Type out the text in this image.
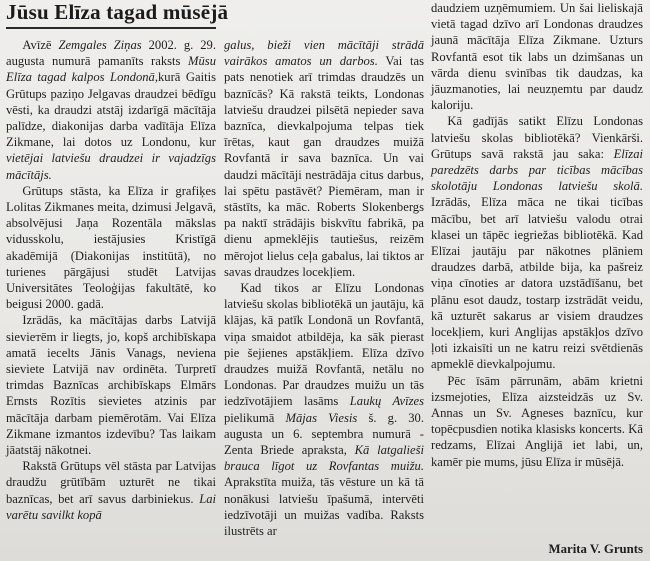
Jūsu Elīza tagad mūsējā

Avīzē Zemgales Ziņas 2002. g. 29. augusta numurā pamanīts raksts Mūsu Elīza tagad kalpos Londonā,kurā Gaitis Grūtups paziņo Jelgavas draudzei bēdīgu vēsti, ka draudzi atstāj izdarīgā mācītāja palīdze, diakonijas darba vadītāja Elīza Zikmane, lai dotos uz Londonu, kur vietējai latviešu draudzei ir vajadzīgs mācītājs.

Grūtups stāsta, ka Elīza ir grafiķes Lolitas Zikmanes meita, dzimusi Jelgavā, absolvējusi Jaņa Rozentāla mākslas vidusskolu, iestājusies Kristīgā akadēmijā (Diakonijas institūtā), no turienes pārgājusi studēt Latvijas Universitātes Teoloģijas fakultātē, ko beigusi 2000. gadā.

Izrādās, ka mācītājas darbs Latvijā sieviетēm ir liegts, jo, kopš archibīskapa amatā iecelts Jānis Vanags, neviena sieviete Latvijā nav ordinēta. Turpretī trimdas Baznīcas archibīskaps Elmārs Ernsts Rozītis sievietes atzinis par mācītāja darbam piemērotām. Vai Elīza Zikmane izmantos izdevību? Tas laikam jāatstāj nākotnei.

Rakstā Grūtups vēl stāsta par Latvijas draudžu grūtībām uzturēt ne tikai baznīcas, bet arī savus darbiniekus. Lai varētu savilkt kopā

galus, bieži vien mācītāji strādā vairākos amatos un darbos. Vai tas pats nenotiek arī trimdas draudzēs un baznīcās? Kā rakstā teikts, Londonas latviešu draudzei pilsētā nepieder sava baznīca, dievkalpojuma telpas tiek īrētas, kaut gan draudzes muižā Rovfantā ir sava baznīca. Un vai daudzi mācītāji nestrādāja citus darbus, lai spētu pastāvēt? Piemēram, man ir stāstīts, ka māc. Roberts Slokenbergs pa naktī strādājis biskvītu fabrikā, pa dienu apmeklējis tautiešus, reizēm mērojot lielus ceļa gabalus, lai tiktos ar savas draudzes locekļiem.

Kad tikos ar Elīzu Londonas latviešu skolas bibliotēkā un jautāju, kā klājas, kā patīk Londonā un Rovfantā, viņa smaidot atbildēja, ka sāk pierast pie šejienes apstākļiem. Elīza dzīvo draudzes muižā Rovfantā, netālu no Londonas. Par draudzes muižu un tās iedzīvotājiem lasāms Laukų Avīzes pielikumā Mājas Viesis š. g. 30. augusta un 6. septembra numurā - Zenta Briede apraksta, Kā latgalieši brauca līgot uz Rovfantas muižu. Aprakstīta muiža, tās vēsture un kā tā nonākusi latviešu īpašumā, intervēti iedzīvotāji un muižas vadība. Raksts ilustrēts ar

daudziem uzņēmumiem. Un šai lieliskajā vietā tagad dzīvo arī Londonas draudzes jaunā mācītāja Elīza Zikmane. Uzturs Rovfantā esot tik labs un dzimšanas un vārda dienu svinības tik daudzas, ka jāuzmanoties, lai neuzņemtu par daudz kaloriju.

Kā gadījās satikt Elīzu Londonas latviešu skolas bibliotēkā? Vienkārši. Grūtups savā rakstā jau saka: Elīzai paredzēts darbs par ticības mācības skolotāju Londonas latviešu skolā. Izrādās, Elīza māca ne tikai ticības mācību, bet arī latviešu valodu otrai klasei un tāpēc iegriežas bibliotēkā. Kad Elīzai jautāju par nākotnes plāniem draudzes darbā, atbilde bija, ka pašreiz viņa cīnoties ar datora uzstādīšanu, bet plānu esot daudz, tostarp izstrādāt veidu, kā uzturēt sakarus ar visiem draudzes locekļiem, kuri Anglijas apstākļos dzīvo ļoti izkaisīti un ne katru reizi svētdienās apmeklē dievkalpojumu.

Pēc īsām pārrunām, abām krietni izsmejoties, Elīza aizsteidzās uz Sv. Annas un Sv. Agneses baznīcu, kur topēcpusdien notika klasisks koncerts. Kā redzams, Elīzai Anglijā iet labi, un, kamēr pie mums, jūsu Elīza ir mūsējā.

Marita V. Grunts
